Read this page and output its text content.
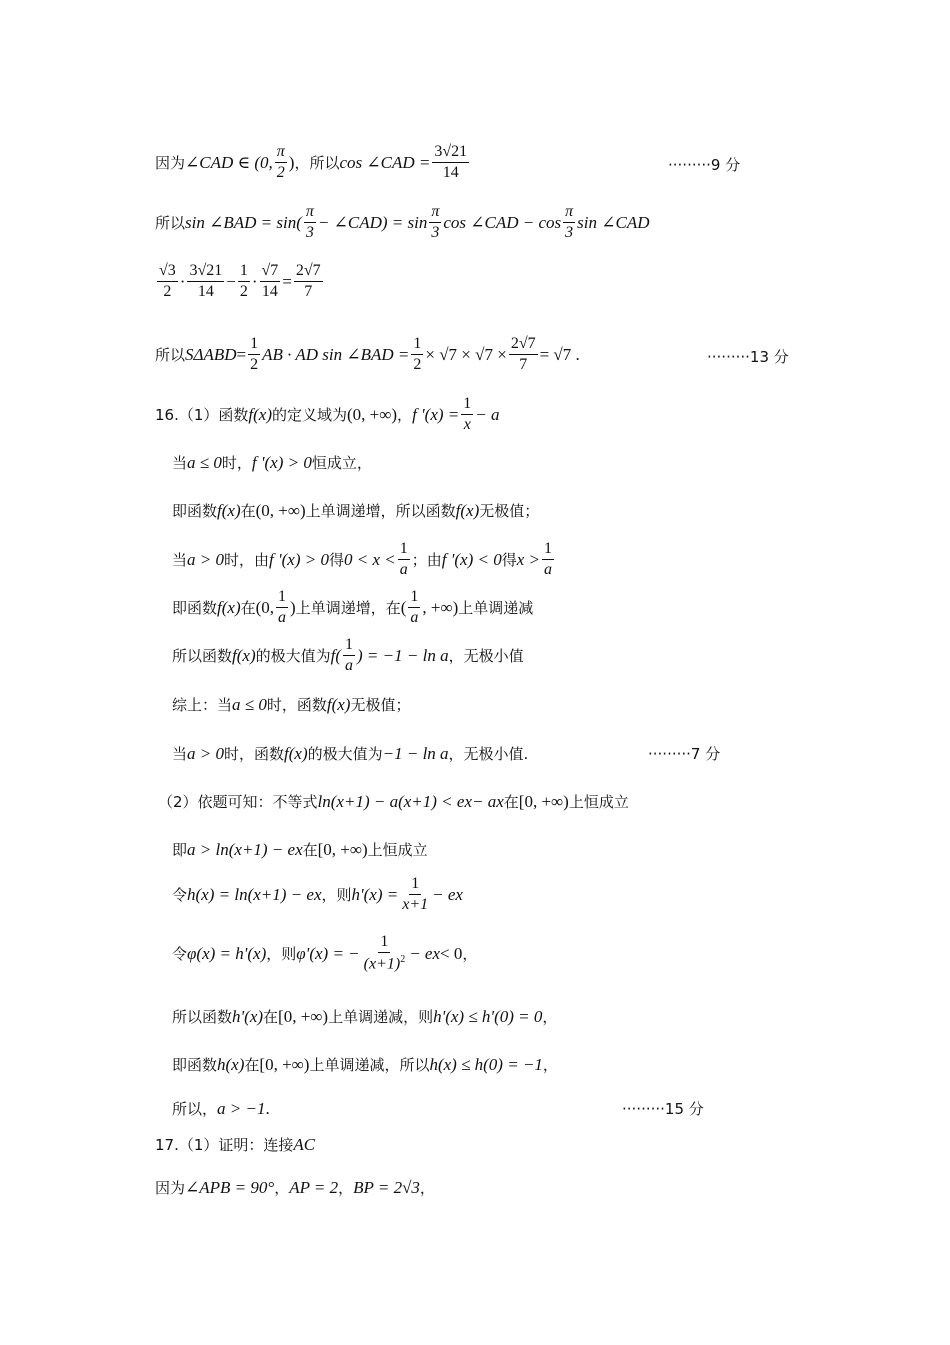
因为 ∠CAD ∈ (0, $\frac{\pi}{2}$ ) ，所以 cos ∠CAD = $\frac{3√21}{14}$	·········9 分
所以 sin ∠BAD = $\sin( \frac{\pi}{3}$ − ∠CAD) = $\sin \frac{\pi}{3}$ cos ∠CAD − $\cos \frac{\pi}{3}$ sin ∠CAD
$\frac{√3}{2} \cdot \frac{3√21}{14} - \frac{1}{2} \cdot \frac{√7}{14} = \frac{2√7}{7}$
所以 S $\Delta ABD = \frac{1}{2}$ AB · AD sin ∠BAD = $\frac{1}{2} \times √7 \times √7 \times \frac{2√7}{7} = √7$ .	·········13 分
16.（1）函数 f(x) 的定义域为 (0, +∞) ， f '$(x) = \frac{1}{x} - a$
当 a ≤ 0 时， f '(x) > 0 恒成立，
即函数 f(x) 在 (0, +∞) 上单调递增，所以函数 f(x) 无极值；
当 a > 0 时，由 f '(x) > 0 得 $0 < x < \frac{1}{a}$ ；由 f '(x) < 0 得 $x > \frac{1}{a}$
即函数 f(x) 在 (0, $\frac{1}{a}$ ) 上单调递增，在 ( $\frac{1}{a}$ , +∞) 上单调递减
所以函数 f(x) 的极大值为 $f( \frac{1}{a}$ ) = −1 − ln a ，无极小值
综上：当 a ≤ 0 时，函数 f(x) 无极值；
当 a > 0 时，函数 f(x) 的极大值为 −1 − ln a ，无极小值.	·········7 分
（2）依题可知：不等式 ln(x+1) − a(x+1) < e x − ax 在 [0, +∞) 上恒成立
即 a > ln(x+1) − e x 在 [0, +∞) 上恒成立
令 h(x) = ln(x+1) − e x ，则 $h'(x) = \frac{1}{x+1} - e$ x
令 φ(x) = h'(x) ，则 φ'(x) = − $\frac{1}{(x+1)^2} - e$ x < 0 ，
所以函数 h'(x) 在 [0, +∞) 上单调递减，则 h'(x) ≤ h'(0) = 0 ，
即函数 h(x) 在 [0, +∞) 上单调递减，所以 h(x) ≤ h(0) = −1 ，
所以， a > −1 .	·········15 分
17.（1）证明：连接 AC
因为 ∠APB = 90° ， AP = 2 ， BP = 2√3 ，
